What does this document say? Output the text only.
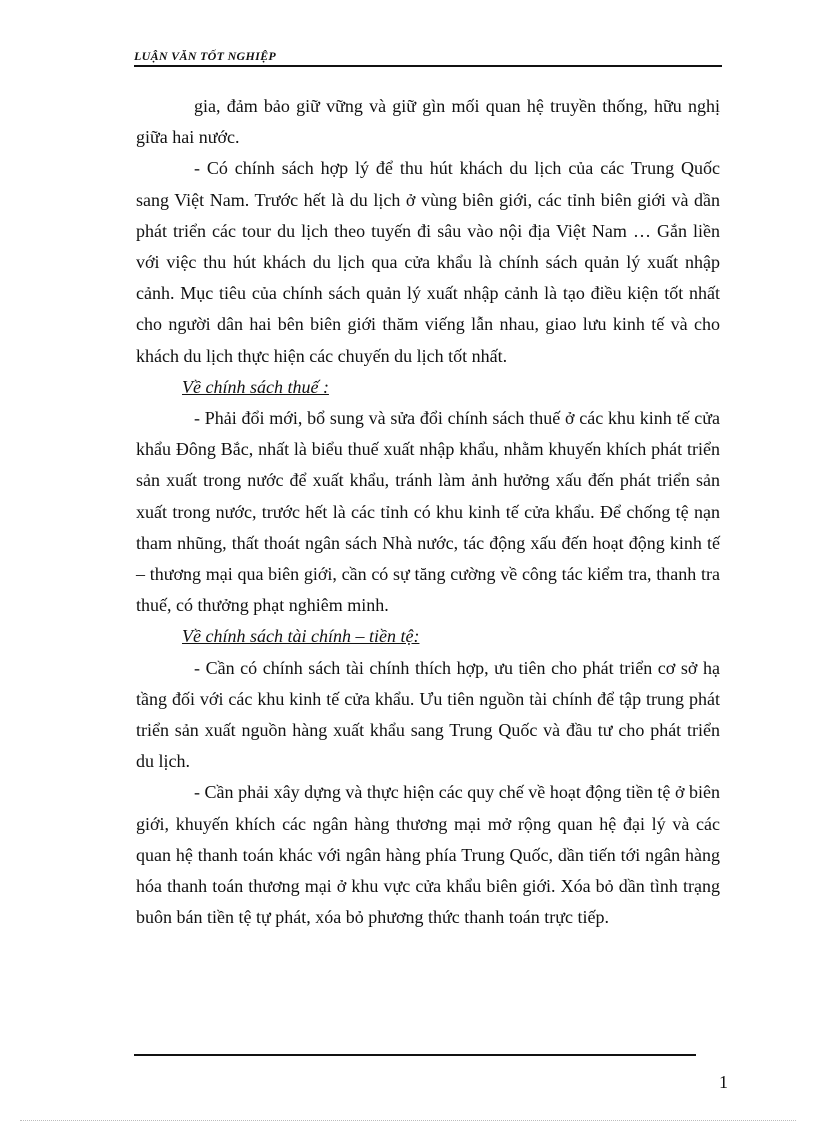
LUẬN VĂN TỐT NGHIỆP

gia, đảm bảo giữ vững và giữ gìn mối quan hệ truyền thống, hữu nghị giữa hai nước.

- Có chính sách hợp lý để thu hút khách du lịch của các Trung Quốc sang Việt Nam. Trước hết là du lịch ở vùng biên giới, các tỉnh biên giới và dần phát triển các tour du lịch theo tuyến đi sâu vào nội địa Việt Nam … Gắn liền với việc thu hút khách du lịch qua cửa khẩu là chính sách quản lý xuất nhập cảnh. Mục tiêu của chính sách quản lý xuất nhập cảnh là tạo điều kiện tốt nhất cho người dân hai bên biên giới thăm viếng lẫn nhau, giao lưu kinh tế và cho khách du lịch thực hiện các chuyến du lịch tốt nhất.

Về chính sách thuế :

- Phải đổi mới, bổ sung và sửa đổi chính sách thuế ở các khu kinh tế cửa khẩu Đông Bắc, nhất là biểu thuế xuất nhập khẩu, nhằm khuyến khích phát triển sản xuất trong nước để xuất khẩu, tránh làm ảnh hưởng xấu đến phát triển sản xuất trong nước, trước hết là các tỉnh có khu kinh tế cửa khẩu. Để chống tệ nạn tham nhũng, thất thoát ngân sách Nhà nước, tác động xấu đến hoạt động kinh tế – thương mại qua biên giới, cần có sự tăng cường về công tác kiểm tra, thanh tra thuế, có thưởng phạt nghiêm minh.

Về chính sách tài chính – tiền tệ:

- Cần có chính sách tài chính thích hợp, ưu tiên cho phát triển cơ sở hạ tầng đối với các khu kinh tế cửa khẩu. Ưu tiên nguồn tài chính để tập trung phát triển sản xuất nguồn hàng xuất khẩu sang Trung Quốc và đầu tư cho phát triển du lịch.

- Cần phải xây dựng và thực hiện các quy chế về hoạt động tiền tệ ở biên giới, khuyến khích các ngân hàng thương mại mở rộng quan hệ đại lý và các quan hệ thanh toán khác với ngân hàng phía Trung Quốc, dần tiến tới ngân hàng hóa thanh toán thương mại ở khu vực cửa khẩu biên giới. Xóa bỏ dần tình trạng buôn bán tiền tệ tự phát, xóa bỏ phương thức thanh toán trực tiếp.

1
